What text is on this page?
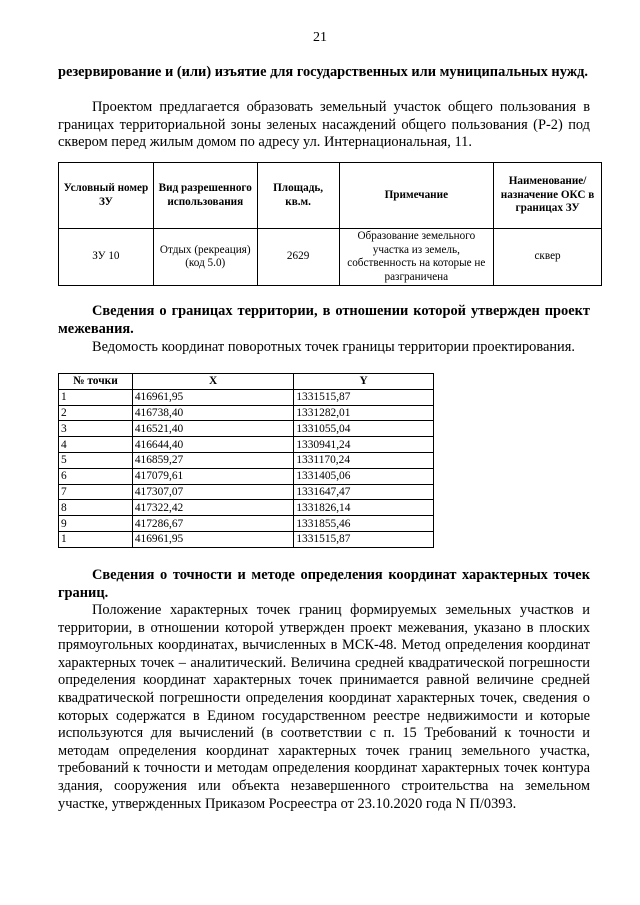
21

резервирование и (или) изъятие для государственных или муниципальных нужд.

Проектом предлагается образовать земельный участок общего пользования в границах территориальной зоны зеленых насаждений общего пользования (Р-2) под сквером перед жилым домом по адресу ул. Интернациональная, 11.

Условный номер ЗУ	Вид разрешенного использования	Площадь, кв.м.	Примечание	Наименование/ назначение ОКС в границах ЗУ
ЗУ 10	Отдых (рекреация) (код 5.0)	2629	Образование земельного участка из земель, собственность на которые не разграничена	сквер

Сведения о границах территории, в отношении которой утвержден проект межевания.

Ведомость координат поворотных точек границы территории проектирования.

№ точки	X	Y
1	416961,95	1331515,87
2	416738,40	1331282,01
3	416521,40	1331055,04
4	416644,40	1330941,24
5	416859,27	1331170,24
6	417079,61	1331405,06
7	417307,07	1331647,47
8	417322,42	1331826,14
9	417286,67	1331855,46
1	416961,95	1331515,87

Сведения о точности и методе определения координат характерных точек границ.

Положение характерных точек границ формируемых земельных участков и территории, в отношении которой утвержден проект межевания, указано в плоских прямоугольных координатах, вычисленных в МСК-48. Метод определения координат характерных точек – аналитический. Величина средней квадратической погрешности определения координат характерных точек принимается равной величине средней квадратической погрешности определения координат характерных точек, сведения о которых содержатся в Едином государственном реестре недвижимости и которые используются для вычислений (в соответствии с п. 15 Требований к точности и методам определения координат характерных точек границ земельного участка, требований к точности и методам определения координат характерных точек контура здания, сооружения или объекта незавершенного строительства на земельном участке, утвержденных Приказом Росреестра от 23.10.2020 года N П/0393.
